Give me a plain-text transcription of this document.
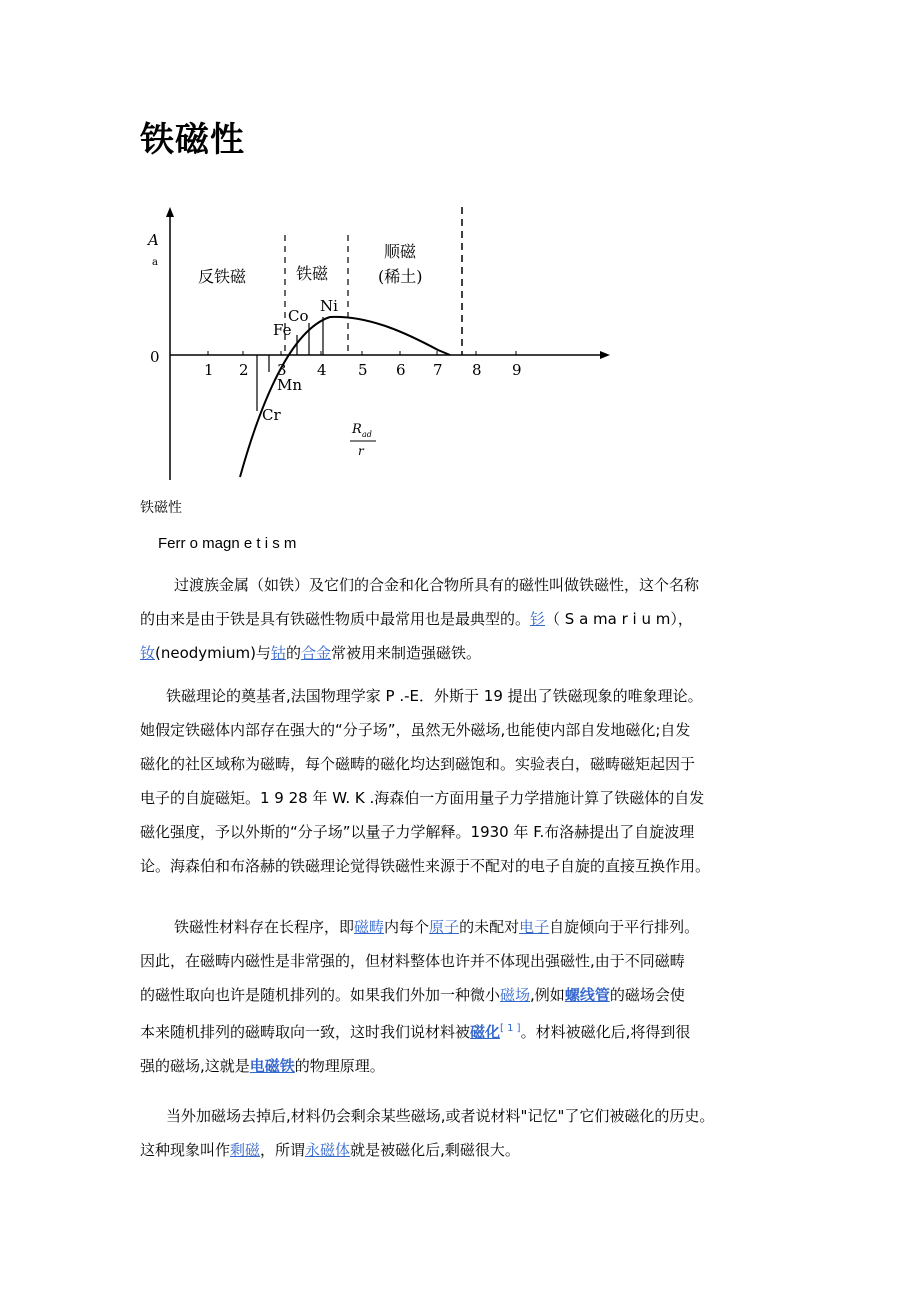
铁磁性
A
a
0
1 2 3 4 5 6 7 8 9
反铁磁	铁磁
顺磁
(稀土)
Co
Ni
Fe
Mn
Cr
R ad
r
铁磁性
Ferr o magn e t i s m
过渡族金属（如铁）及它们的合金和化合物所具有的磁性叫做铁磁性，这个名称
的由来是由于铁是具有铁磁性物质中最常用也是最典型的。钐（ S a ma r i u m），
钕(neodymium)与钴的合金常被用来制造强磁铁。
铁磁理论的奠基者,法国物理学家 P .-E．外斯于 19 提出了铁磁现象的唯象理论。
她假定铁磁体内部存在强大的“分子场”，虽然无外磁场,也能使内部自发地磁化;自发
磁化的社区域称为磁畴，每个磁畴的磁化均达到磁饱和。实验表白，磁畴磁矩起因于
电子的自旋磁矩。1 9 28 年 W. K .海森伯一方面用量子力学措施计算了铁磁体的自发
磁化强度，予以外斯的“分子场”以量子力学解释。1930 年 F.布洛赫提出了自旋波理
论。海森伯和布洛赫的铁磁理论觉得铁磁性来源于不配对的电子自旋的直接互换作用。
铁磁性材料存在长程序，即磁畴内每个原子的未配对电子自旋倾向于平行排列。
因此，在磁畴内磁性是非常强的，但材料整体也许并不体现出强磁性,由于不同磁畴
的磁性取向也许是随机排列的。如果我们外加一种微小磁场,例如螺线管的磁场会使
本来随机排列的磁畴取向一致，这时我们说材料被磁化[ 1 ]。材料被磁化后,将得到很
强的磁场,这就是电磁铁的物理原理。
当外加磁场去掉后,材料仍会剩余某些磁场,或者说材料"记忆"了它们被磁化的历史。
这种现象叫作剩磁，所谓永磁体就是被磁化后,剩磁很大。
